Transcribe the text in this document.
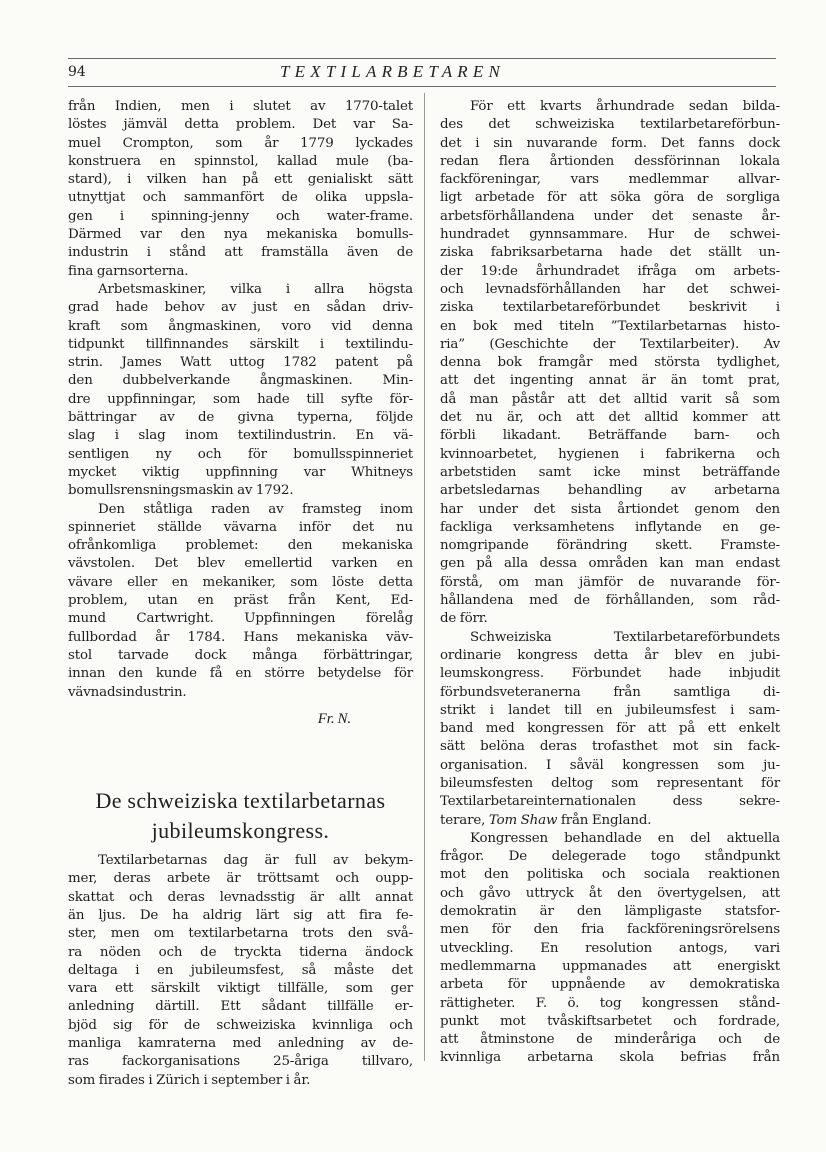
94	TEXTILARBETAREN
från Indien, men i slutet av 1770-talet
löstes jämväl detta problem. Det var Sa-
muel Crompton, som år 1779 lyckades
konstruera en spinnstol, kallad mule (ba-
stard), i vilken han på ett genialiskt sätt
utnyttjat och sammanfört de olika uppsla-
gen i spinning-jenny och water-frame.
Därmed var den nya mekaniska bomulls-
industrin i stånd att framställa även de
fina garnsorterna.
Arbetsmaskiner, vilka i allra högsta
grad hade behov av just en sådan driv-
kraft som ångmaskinen, voro vid denna
tidpunkt tillfinnandes särskilt i textilindu-
strin. James Watt uttog 1782 patent på
den dubbelverkande ångmaskinen. Min-
dre uppfinningar, som hade till syfte för-
bättringar av de givna typerna, följde
slag i slag inom textilindustrin. En vä-
sentligen ny och för bomullsspinneriet
mycket viktig uppfinning var Whitneys
bomullsrensningsmaskin av 1792.
Den ståtliga raden av framsteg inom
spinneriet ställde vävarna inför det nu
ofrånkomliga problemet: den mekaniska
vävstolen. Det blev emellertid varken en
vävare eller en mekaniker, som löste detta
problem, utan en präst från Kent, Ed-
mund Cartwright. Uppfinningen förelåg
fullbordad år 1784. Hans mekaniska väv-
stol tarvade dock många förbättringar,
innan den kunde få en större betydelse för
vävnadsindustrin.
Fr. N.
De schweiziska textilarbetarnas
jubileumskongress.
Textilarbetarnas dag är full av bekym-
mer, deras arbete är tröttsamt och oupp-
skattat och deras levnadsstig är allt annat
än ljus. De ha aldrig lärt sig att fira fe-
ster, men om textilarbetarna trots den svå-
ra nöden och de tryckta tiderna ändock
deltaga i en jubileumsfest, så måste det
vara ett särskilt viktigt tillfälle, som ger
anledning därtill. Ett sådant tillfälle er-
bjöd sig för de schweiziska kvinnliga och
manliga kamraterna med anledning av de-
ras fackorganisations 25-åriga tillvaro,
som firades i Zürich i september i år.
För ett kvarts århundrade sedan bilda-
des det schweiziska textilarbetareförbun-
det i sin nuvarande form. Det fanns dock
redan flera årtionden dessförinnan lokala
fackföreningar, vars medlemmar allvar-
ligt arbetade för att söka göra de sorgliga
arbetsförhållandena under det senaste år-
hundradet gynnsammare. Hur de schwei-
ziska fabriksarbetarna hade det ställt un-
der 19:de århundradet ifråga om arbets-
och levnadsförhållanden har det schwei-
ziska textilarbetareförbundet beskrivit i
en bok med titeln ”Textilarbetarnas histo-
ria” (Geschichte der Textilarbeiter). Av
denna bok framgår med största tydlighet,
att det ingenting annat är än tomt prat,
då man påstår att det alltid varit så som
det nu är, och att det alltid kommer att
förbli likadant. Beträffande barn- och
kvinnoarbetet, hygienen i fabrikerna och
arbetstiden samt icke minst beträffande
arbetsledarnas behandling av arbetarna
har under det sista årtiondet genom den
fackliga verksamhetens inflytande en ge-
nomgripande förändring skett. Framste-
gen på alla dessa områden kan man endast
förstå, om man jämför de nuvarande för-
hållandena med de förhållanden, som råd-
de förr.
Schweiziska Textilarbetareförbundets
ordinarie kongress detta år blev en jubi-
leumskongress. Förbundet hade inbjudit
förbundsveteranerna från samtliga di-
strikt i landet till en jubileumsfest i sam-
band med kongressen för att på ett enkelt
sätt belöna deras trofasthet mot sin fack-
organisation. I såväl kongressen som ju-
bileumsfesten deltog som representant för
Textilarbetareinternationalen dess sekre-
terare, Tom Shaw från England.
Kongressen behandlade en del aktuella
frågor. De delegerade togo ståndpunkt
mot den politiska och sociala reaktionen
och gåvo uttryck åt den övertygelsen, att
demokratin är den lämpligaste statsfor-
men för den fria fackföreningsrörelsens
utveckling. En resolution antogs, vari
medlemmarna uppmanades att energiskt
arbeta för uppnående av demokratiska
rättigheter. F. ö. tog kongressen stånd-
punkt mot tvåskiftsarbetet och fordrade,
att åtminstone de minderåriga och de
kvinnliga arbetarna skola befrias från
